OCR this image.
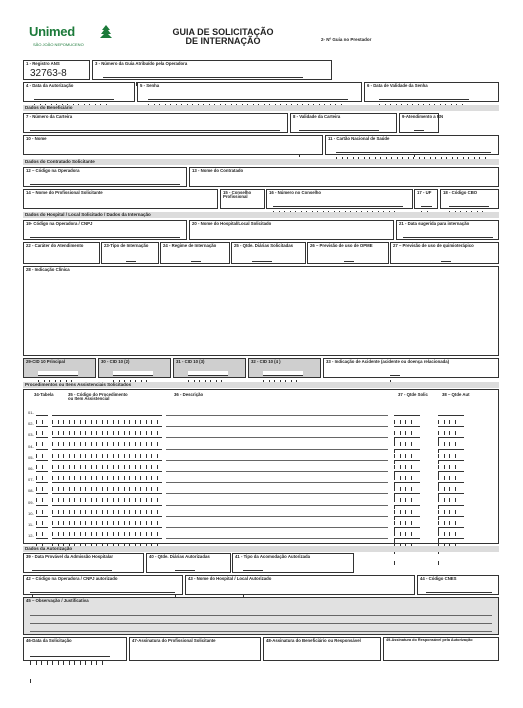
Unimed
SÃO JOÃO NEPOMUCENO
GUIA DE SOLICITAÇÃO
DE INTERNAÇÃO	2- Nº Guia no Prestador
1 - Registro ANS
32763-8
3 - Número da Guia Atribuído pela Operadora
4 - Data da Autorização	5 - Senha	6 - Data de Validade da Senha
Dados do Beneficiário
7 - Número da Carteira	8 - Validade da Carteira	9-Atendimento a RN
10 - Nome	11 - Cartão Nacional de Saúde
Dados do Contratado Solicitante
12 – Código na Operadora	13 - Nome do Contratado
14 – Nome do Profissional Solicitante	15 - Conselho Profissional
16 - Número no Conselho	17 - UF	18 - Código CBO
Dados do Hospital / Local Solicitado / Dados da Internação
19- Código na Operadora / CNPJ	20 - Nome do Hospital/Local Solicitado	21 - Data sugerida para internação
22 - Caráter do Atendimento	23-Tipo de Internação	24 - Regime de Internação	25 - Qtde. Diárias Solicitadas	26 – Previsão de uso de OPME	27 – Previsão de uso de quimioterápico
28 - Indicação Clínica
29-CID 10 Principal	30 - CID 10 (2)	31 - CID 10 (3)	32 - CID 10 (4 )	33 - Indicação de Acidente (acidente ou doença relacionada)
Procedimentos ou Itens Assistenciais Solicitados
34-Tabela	35 - Código do Procedimento ou Item Assistencial
36 - Descrição	37 - Qtde Solic	38 – Qtde Aut
01-
02-
03-
04-
05-
06-
07-
08-
09-
10-
11-
12-
Dados da Autorização
39 - Data Provável da Admissão Hospitalar	40 - Qtde. Diárias Autorizadas	41 - Tipo da Acomodação Autorizada
42 – Código na Operadora / CNPJ autorizado	43 - Nome do Hospital / Local Autorizado	44 - Código CNES
45 – Observação / Justificativa
46-Data da Solicitação	47-Assinatura do Profissional Solicitante	48-Assinatura do Beneficiário ou Responsável	49-Assinatura do Responsável pela Autorização
